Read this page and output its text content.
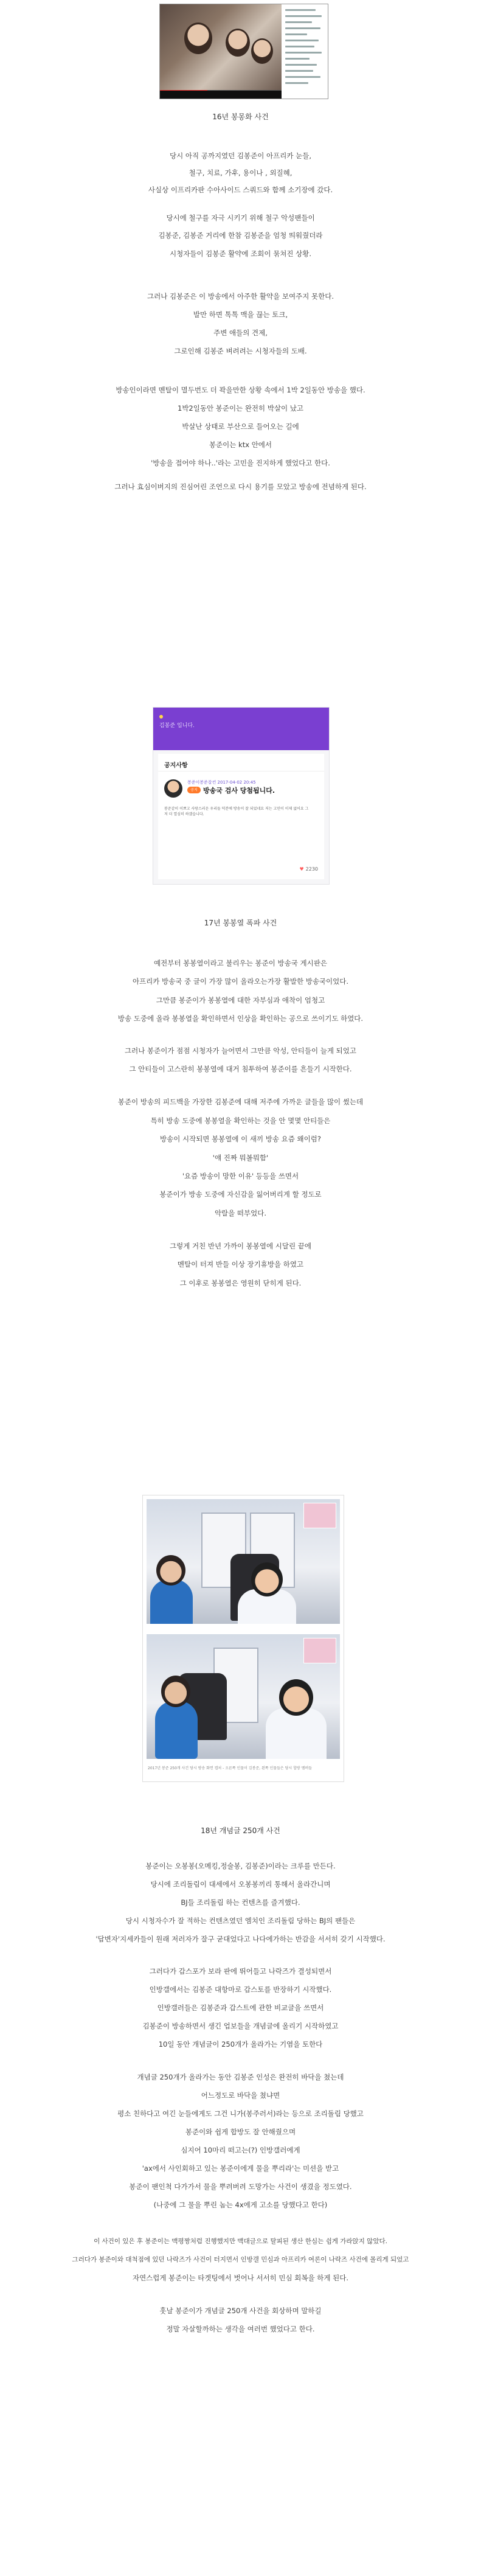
16년 봉몽화 사건
당시 아직 공까지였던 김봉준이 아프리카 눈들,
철구, 치료, 가후, 용이나 , 외질혜,
사실상 이프리카판 수아사이드 스쿼드와 함께 소기장에 갔다.
당시에 철구를 자극 시키기 위해 철구 악성팬들이
김봉준, 김봉준 거리에 한참 김봉준을 엄청 띄워줬더라
시청자들이 김봉준 활약에 조회이 묶쳐진 상황.
그러나 김봉준은 이 방송에서 아주한 활약을 보여주지 못한다.
발만 하면 톡톡 맥을 끊는 토크,
주변 애들의 견제,
그로인해 김봉준 벼려려는 시청자들의 도배.
방송인이라면 멘탈이 멸두번도 더 꽉을만한 상황 속에서 1박 2일동안 방송을 했다.
1박2일동안 봉준이는 완전히 박살이 났고
박살난 상태로 부산으로 들어오는 길에
봉준이는 ktx 안에서
'방송을 접어야 하나..'라는 고민을 진지하게 했었다고 한다.
그러나 효심이버지의 진심어린 조언으로 다시 용기를 모았고 방송에 전념하게 된다.
김봉준 입니다.
공지사항
봉준이봉준잡컨 2017-04-02 20:45
공지 방송국 검사 당첨됩니다.
봉준같이 이쁘고 사랑스러운 우리들 덕분에 방송이 잘 되었네요 저는 고민이 이제 없어요 그저 더 열심히 하겠습니다.
♥ 2230
17년 봉봉열 폭파 사건
예전부터 봉봉열이라고 불리우는 봉준이 방송국 게시판은
아프리카 방송국 중 글이 가장 많이 올라오는가장 활발한 방송국이었다.
그만큼 봉준이가 봉봉열에 대한 자부심과 애착이 엄청고
방송 도중에 올라 봉봉열을 확인하면서 인상을 확인하는 공으로 쓰이기도 하였다.
그러나 봉준이가 점점 시청자가 늘어면서 그만큼 악성, 안티들이 늘게 되었고
그 안티들이 고스란히 봉봉열에 대거 침투하여 봉준이를 흔들기 시작한다.
봉준이 방송의 피드백을 가장한 김봉준에 대해 저주에 가까운 글들을 많이 썼는데
특히 방송 도중에 봉봉열을 확인하는 것을 안 몇몇 안티들은
방송이 시작되면 봉봉열에 이 새끼 방송 요즘 왜이럼?
'얘 진짜 뭐볼뭐함'
'요즘 방송이 망한 이유' 등등을 쓰면서
봉준이가 방송 도중에 자신감을 잃어버리게 할 정도로
악랄을 떠부었다.
그렇게 거친 반년 가까이 봉봉열에 시달린 끝에
멘탈이 터져 반들 이상 장기휴방을 하였고
그 이후로 봉봉열은 영원히 닫히게 된다.
2017년 봉준 250개 사건 당시 방송 화면 캡처 - 오른쪽 인물이 김봉준, 왼쪽 인물들은 당시 합방 멤버들
18년 개념글 250개 사건
봉준이는 오봉봉(오메킹,정술봉, 김봉준)이라는 크루를 만든다.
당시에 조리돌림이 대세에서 오봉봉끼리 통해서 올라간니며
BJ들 조리돌림 하는 컨텐츠를 즐겨했다.
당시 시청자수가 잘 적하는 컨텐츠였던 엠치인 조리돌림 당하는 BJ의 팬들은
'답변자'지세카들이 원래 저러자가 잘구 굳대었다고 나다에가하는 반감을 서서히 갖기 시작했다.
그러다가 갑스포가 보라 판에 뛰어들고 나락즈가 결성되면서
인방갤에서는 김봉준 대항마로 갑스토를 반장하기 시작했다.
인방갤러들은 김봉준과 갑스트에 관한 비교글을 쓰면서
김봉준이 방송하면서 생긴 업보들을 개념글에 올리기 시작하였고
10일 동안 개념글이 250개가 올라가는 기염을 토한다
개념글 250개가 올라가는 동안 김봉준 인성은 완전히 바닥을 쳤는데
어느정도로 바닥을 쳤냐면
평소 친하다고 여긴 눈들에게도 그건 니가(봉주러서)라는 등으로 조리돌림 당했고
봉준이와 쉽게 합방도 잘 안해줬으며
심지어 10마리 떠고는(?) 인방갤러에게
'ax에서 사인회하고 있는 봉준이에게 물을 뿌리라'는 미션을 받고
봉준이 팬인척 다가가서 물을 뿌려버려 도망가는 사건이 생겼을 정도였다.
(나중에 그 물을 뿌린 놈는 4x에게 고소를 당했다고 한다)
이 사건이 있은 후 봉준이는 맥평짱처럼 진행했지만 맥대글으로 탈피된 생산 한심는 쉽게 가라앉지 않았다.
그러다가 봉준이와 대척점에 있던 나락즈가 사건이 터지면서 인방갤 민심과 아프리카 여론이 나락즈 사건에 몰리게 되었고
자연스럽게 봉준이는 타겟팅에서 벗어나 서서히 민심 회복을 하게 된다.
훗날 봉준이가 개념글 250개 사건을 회상하며 말하길
정말 자살할까하는 생각을 여러번 했었다고 한다.
